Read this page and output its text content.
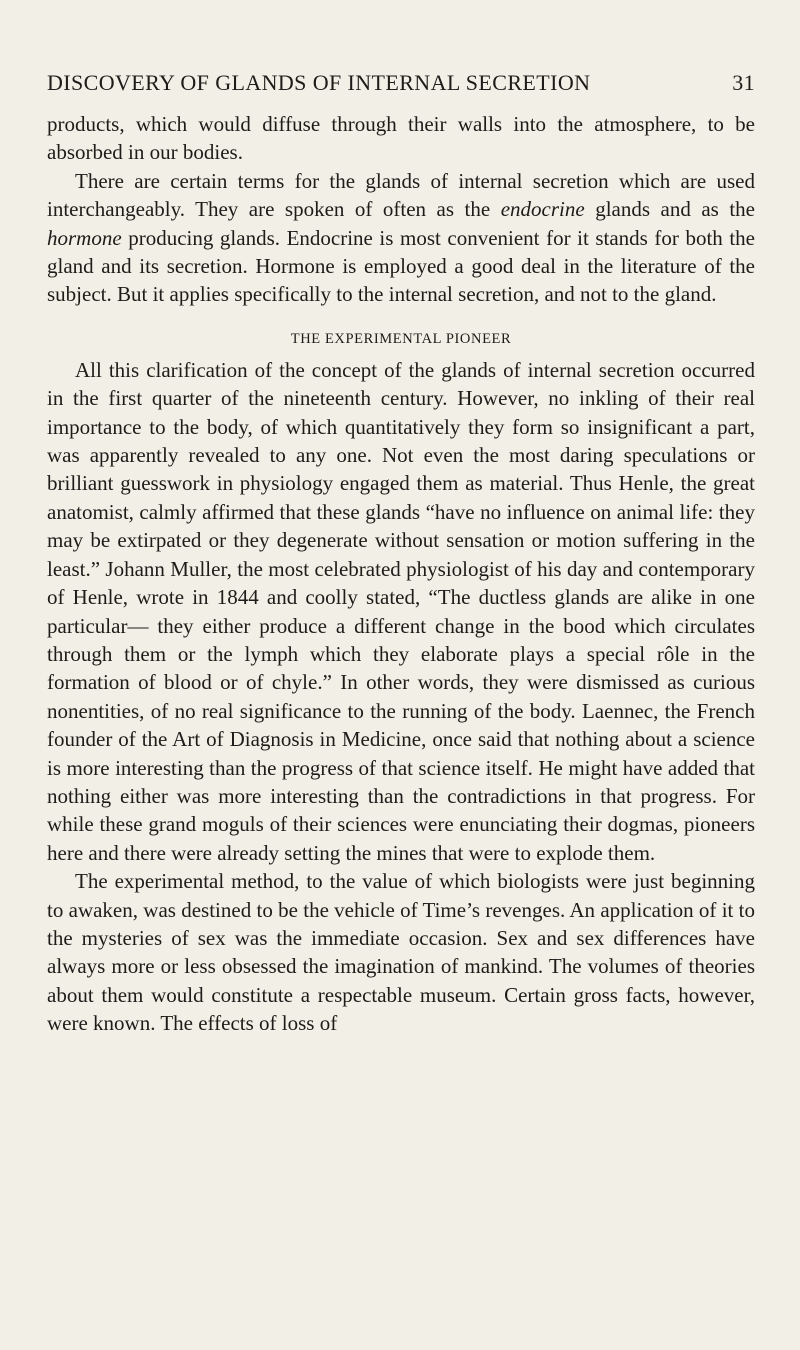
DISCOVERY OF GLANDS OF INTERNAL SECRETION	31

products, which would diffuse through their walls into the atmosphere, to be absorbed in our bodies.

There are certain terms for the glands of internal secretion which are used interchangeably. They are spoken of often as the endocrine glands and as the hormone producing glands. Endocrine is most convenient for it stands for both the gland and its secretion. Hormone is employed a good deal in the literature of the subject. But it applies specifically to the internal secretion, and not to the gland.

THE EXPERIMENTAL PIONEER

All this clarification of the concept of the glands of internal secretion occurred in the first quarter of the nineteenth century. However, no inkling of their real importance to the body, of which quantitatively they form so insignificant a part, was apparently revealed to any one. Not even the most daring speculations or brilliant guesswork in physiology engaged them as material. Thus Henle, the great anatomist, calmly affirmed that these glands “have no influence on animal life: they may be extirpated or they degenerate without sensation or motion suffering in the least.” Johann Muller, the most celebrated physiologist of his day and contemporary of Henle, wrote in 1844 and coolly stated, “The ductless glands are alike in one particular— they either produce a different change in the bood which circulates through them or the lymph which they elaborate plays a special rôle in the formation of blood or of chyle.” In other words, they were dismissed as curious nonentities, of no real significance to the running of the body. Laennec, the French founder of the Art of Diagnosis in Medicine, once said that nothing about a science is more interesting than the progress of that science itself. He might have added that nothing either was more interesting than the contradictions in that progress. For while these grand moguls of their sciences were enunciating their dogmas, pioneers here and there were already setting the mines that were to explode them.

The experimental method, to the value of which biologists were just beginning to awaken, was destined to be the vehicle of Time’s revenges. An application of it to the mysteries of sex was the immediate occasion. Sex and sex differences have always more or less obsessed the imagination of mankind. The volumes of theories about them would constitute a respectable museum. Certain gross facts, however, were known. The effects of loss of
